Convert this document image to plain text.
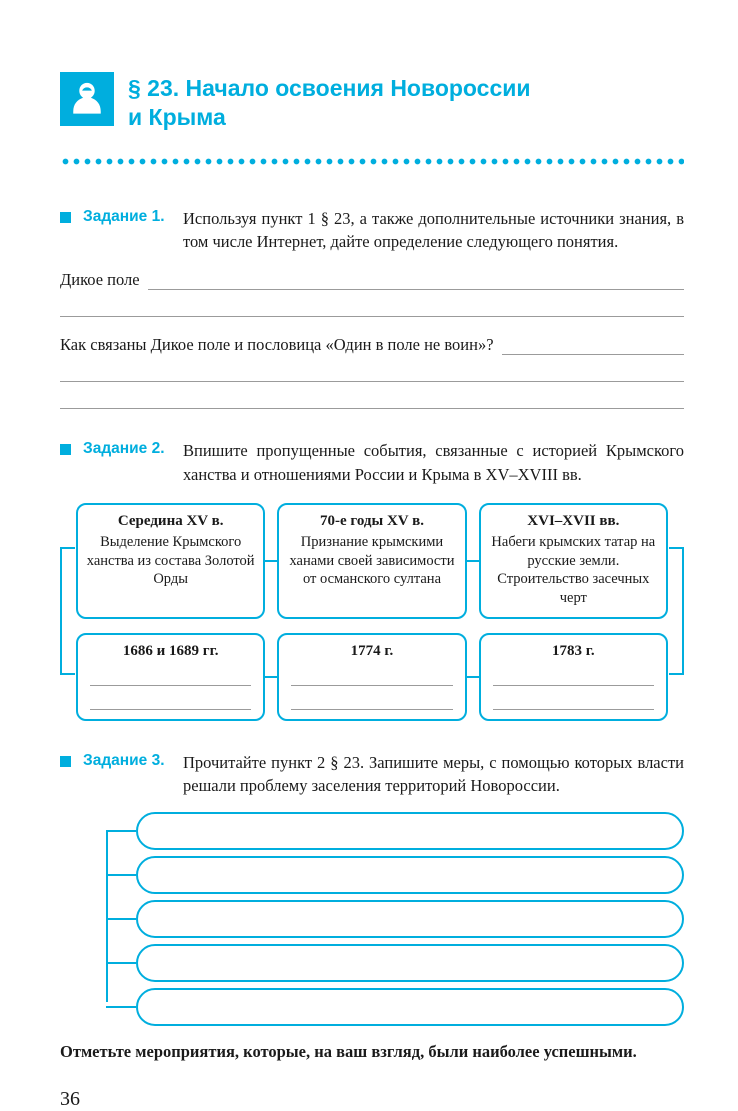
§ 23. Начало освоения Новороссии
и Крыма
Задание 1.	Используя пункт 1 § 23, а также дополнительные источники знания, в том числе Интернет, дайте определение следующего понятия.
Дикое поле
Как связаны Дикое поле и пословица «Один в поле не воин»?
Задание 2.	Впишите пропущенные события, связанные с историей Крымского ханства и отношениями России и Крыма в XV–XVIII вв.
Середина XV в.
Выделение Крымского ханства из состава Золотой Орды
70-е годы XV в.
Признание крымскими ханами своей зависимости от османского султана
XVI–XVII вв.
Набеги крымских татар на русские земли. Строительство засечных черт
1686 и 1689 гг.	1774 г.	1783 г.
Задание 3.	Прочитайте пункт 2 § 23. Запишите меры, с помощью которых власти решали проблему заселения территорий Новороссии.
Отметьте мероприятия, которые, на ваш взгляд, были наиболее успешными.
36
